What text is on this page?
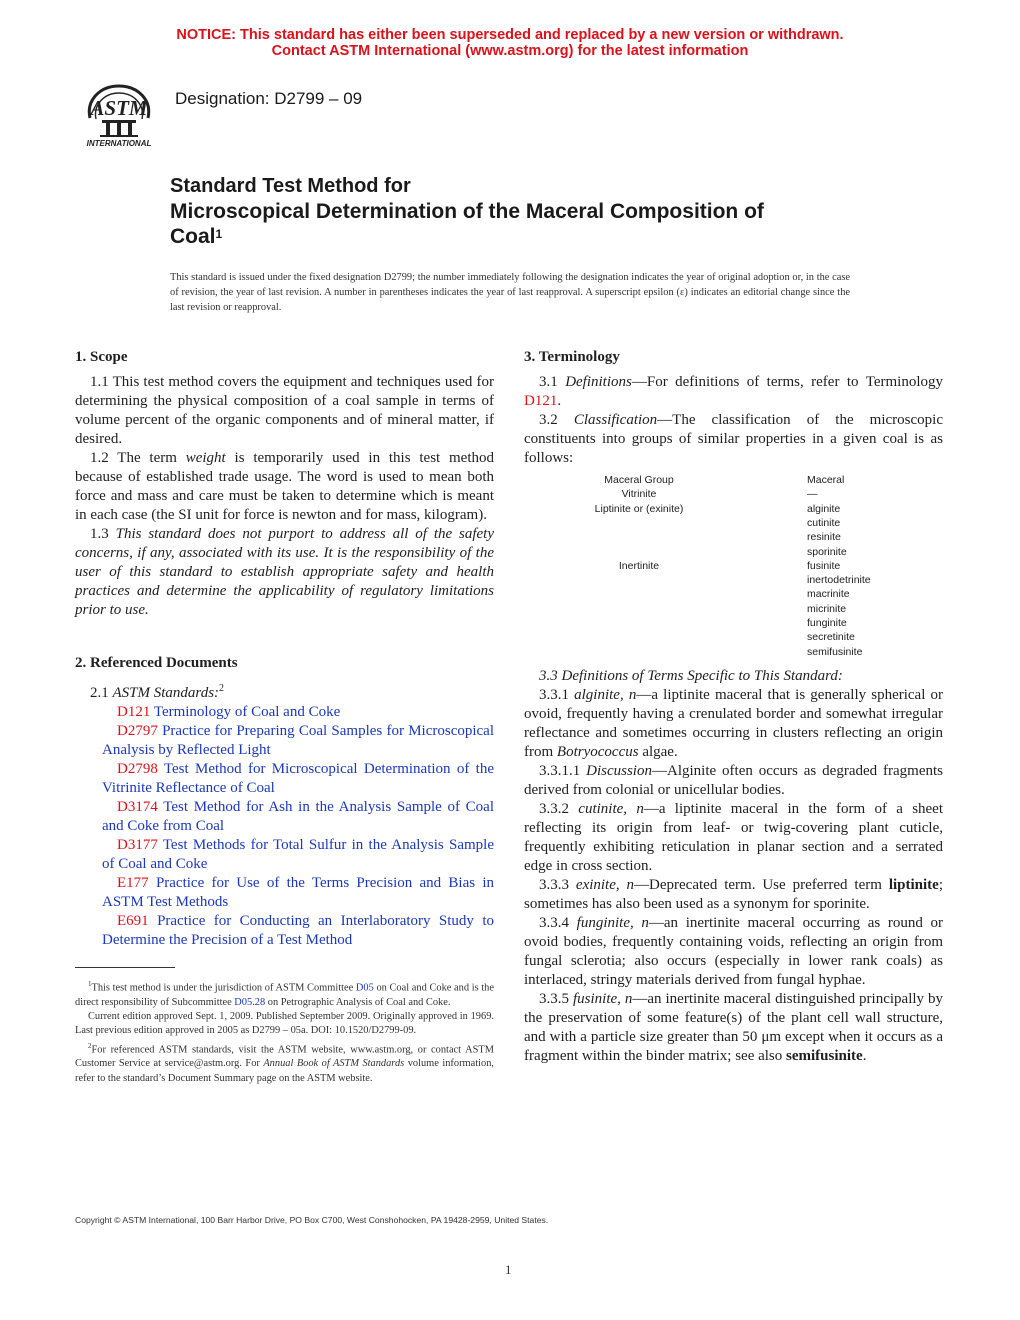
NOTICE: This standard has either been superseded and replaced by a new version or withdrawn.
Contact ASTM International (www.astm.org) for the latest information
ASTM
INTERNATIONAL
Designation: D2799 – 09
Standard Test Method for
Microscopical Determination of the Maceral Composition of
Coal$^1$
This standard is issued under the fixed designation D2799; the number immediately following the designation indicates the year of original adoption or, in the case of revision, the year of last revision. A number in parentheses indicates the year of last reapproval. A superscript epsilon (ε) indicates an editorial change since the last revision or reapproval.
1. Scope

1.1 This test method covers the equipment and techniques used for determining the physical composition of a coal sample in terms of volume percent of the organic components and of mineral matter, if desired.

1.2 The term weight is temporarily used in this test method because of established trade usage. The word is used to mean both force and mass and care must be taken to determine which is meant in each case (the SI unit for force is newton and for mass, kilogram).

1.3 This standard does not purport to address all of the safety concerns, if any, associated with its use. It is the responsibility of the user of this standard to establish appropriate safety and health practices and determine the applicability of regulatory limitations prior to use.

2. Referenced Documents

2.1 ASTM Standards:$^2$

D121 Terminology of Coal and Coke

D2797 Practice for Preparing Coal Samples for Microscopical Analysis by Reflected Light

D2798 Test Method for Microscopical Determination of the Vitrinite Reflectance of Coal

D3174 Test Method for Ash in the Analysis Sample of Coal and Coke from Coal

D3177 Test Methods for Total Sulfur in the Analysis Sample of Coal and Coke

E177 Practice for Use of the Terms Precision and Bias in ASTM Test Methods

E691 Practice for Conducting an Interlaboratory Study to Determine the Precision of a Test Method

$^1$This test method is under the jurisdiction of ASTM Committee D05 on Coal and Coke and is the direct responsibility of Subcommittee D05.28 on Petrographic Analysis of Coal and Coke.

Current edition approved Sept. 1, 2009. Published September 2009. Originally approved in 1969. Last previous edition approved in 2005 as D2799 – 05a. DOI: 10.1520/D2799-09.

$^2$For referenced ASTM standards, visit the ASTM website, www.astm.org, or contact ASTM Customer Service at service@astm.org. For Annual Book of ASTM Standards volume information, refer to the standard’s Document Summary page on the ASTM website.

3. Terminology

3.1 Definitions—For definitions of terms, refer to Terminology D121.

3.2 Classification—The classification of the microscopic constituents into groups of similar properties in a given coal is as follows:

Maceral Group	Maceral
Vitrinite
Liptinite or (exinite)
Inertinite
—
alginite
cutinite
resinite
sporinite
fusinite
inertodetrinite
macrinite
micrinite
funginite
secretinite
semifusinite

3.3 Definitions of Terms Specific to This Standard:

3.3.1 alginite, n—a liptinite maceral that is generally spherical or ovoid, frequently having a crenulated border and somewhat irregular reflectance and sometimes occurring in clusters reflecting an origin from Botryococcus algae.

3.3.1.1 Discussion—Alginite often occurs as degraded fragments derived from colonial or unicellular bodies.

3.3.2 cutinite, n—a liptinite maceral in the form of a sheet reflecting its origin from leaf- or twig-covering plant cuticle, frequently exhibiting reticulation in planar section and a serrated edge in cross section.

3.3.3 exinite, n—Deprecated term. Use preferred term liptinite; sometimes has also been used as a synonym for sporinite.

3.3.4 funginite, n—an inertinite maceral occurring as round or ovoid bodies, frequently containing voids, reflecting an origin from fungal sclerotia; also occurs (especially in lower rank coals) as interlaced, stringy materials derived from fungal hyphae.

3.3.5 fusinite, n—an inertinite maceral distinguished principally by the preservation of some feature(s) of the plant cell wall structure, and with a particle size greater than 50 μm except when it occurs as a fragment within the binder matrix; see also semifusinite.

Copyright © ASTM International, 100 Barr Harbor Drive, PO Box C700, West Conshohocken, PA 19428-2959, United States.
1
